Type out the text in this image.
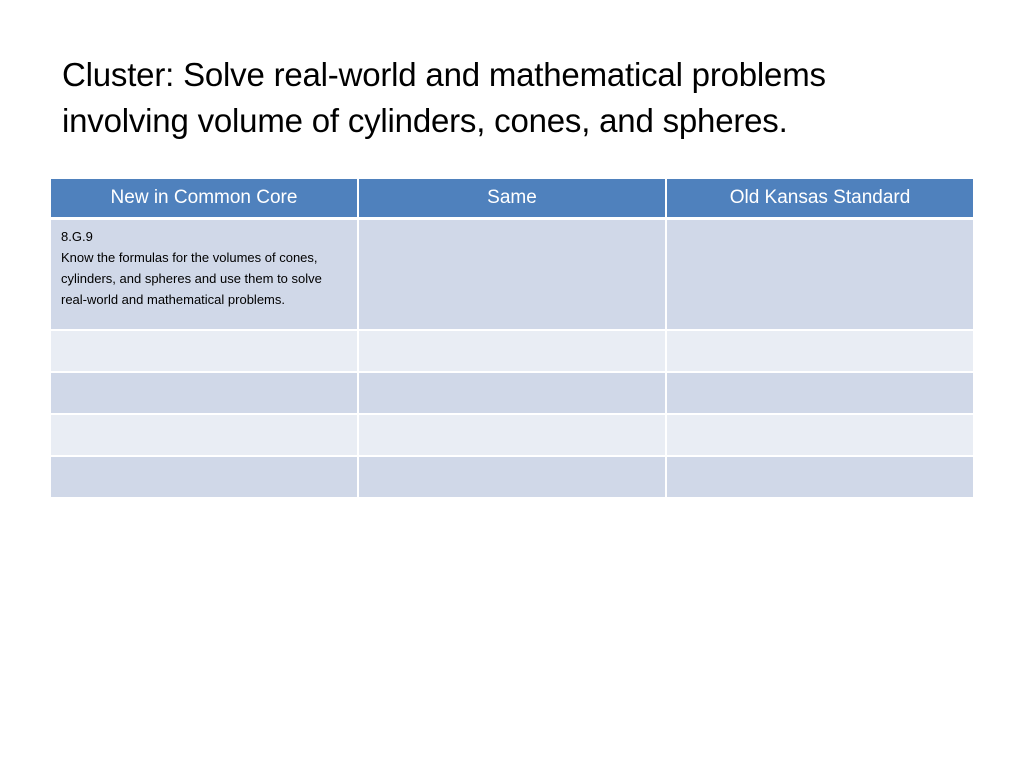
Cluster: Solve real-world and mathematical problems
involving volume of cylinders, cones, and spheres.
New in Common Core	Same	Old Kansas Standard

8.G.9
Know the formulas for the volumes of cones, cylinders, and spheres and use them to solve real-world and mathematical problems.		
